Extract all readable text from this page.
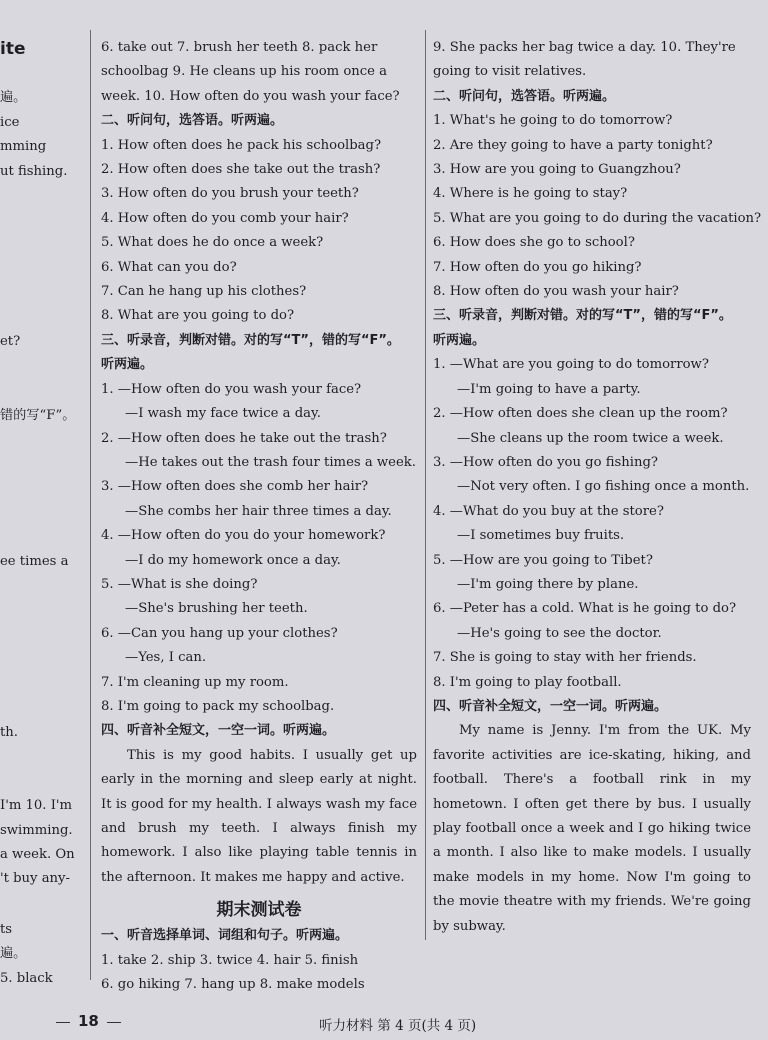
ite

遍。
ice
mming
ut fishing.

et?

错的写“F”。

ee times a

th.

I'm 10. I'm
swimming.
a week. On
't buy any-

ts
遍。
5. black
6. take out 7. brush her teeth 8. pack her
schoolbag 9. He cleans up his room once a
week. 10. How often do you wash your face?
二、听问句，选答语。听两遍。
1. How often does he pack his schoolbag?
2. How often does she take out the trash?
3. How often do you brush your teeth?
4. How often do you comb your hair?
5. What does he do once a week?
6. What can you do?
7. Can he hang up his clothes?
8. What are you going to do?
三、听录音，判断对错。对的写“T”，错的写“F”。
听两遍。
1. —How often do you wash your face?
—I wash my face twice a day.
2. —How often does he take out the trash?
—He takes out the trash four times a week.
3. —How often does she comb her hair?
—She combs her hair three times a day.
4. —How often do you do your homework?
—I do my homework once a day.
5. —What is she doing?
—She's brushing her teeth.
6. —Can you hang up your clothes?
—Yes, I can.
7. I'm cleaning up my room.
8. I'm going to pack my schoolbag.
四、听音补全短文，一空一词。听两遍。
This is my good habits. I usually get up early in the morning and sleep early at night. It is good for my health. I always wash my face and brush my teeth. I always finish my homework. I also like playing table tennis in the afternoon. It makes me happy and active.
期末测试卷
一、听音选择单词、词组和句子。听两遍。
1. take 2. ship 3. twice 4. hair 5. finish
6. go hiking 7. hang up 8. make models
9. She packs her bag twice a day. 10. They're
going to visit relatives.
二、听问句，选答语。听两遍。
1. What's he going to do tomorrow?
2. Are they going to have a party tonight?
3. How are you going to Guangzhou?
4. Where is he going to stay?
5. What are you going to do during the vacation?
6. How does she go to school?
7. How often do you go hiking?
8. How often do you wash your hair?
三、听录音，判断对错。对的写“T”，错的写“F”。
听两遍。
1. —What are you going to do tomorrow?
—I'm going to have a party.
2. —How often does she clean up the room?
—She cleans up the room twice a week.
3. —How often do you go fishing?
—Not very often. I go fishing once a month.
4. —What do you buy at the store?
—I sometimes buy fruits.
5. —How are you going to Tibet?
—I'm going there by plane.
6. —Peter has a cold. What is he going to do?
—He's going to see the doctor.
7. She is going to stay with her friends.
8. I'm going to play football.
四、听音补全短文，一空一词。听两遍。
My name is Jenny. I'm from the UK. My favorite activities are ice-skating, hiking, and football. There's a football rink in my hometown. I often get there by bus. I usually play football once a week and I go hiking twice a month. I also like to make models. I usually make models in my home. Now I'm going to the movie theatre with my friends. We're going by subway.
18	听力材料 第 4 页(共 4 页)
